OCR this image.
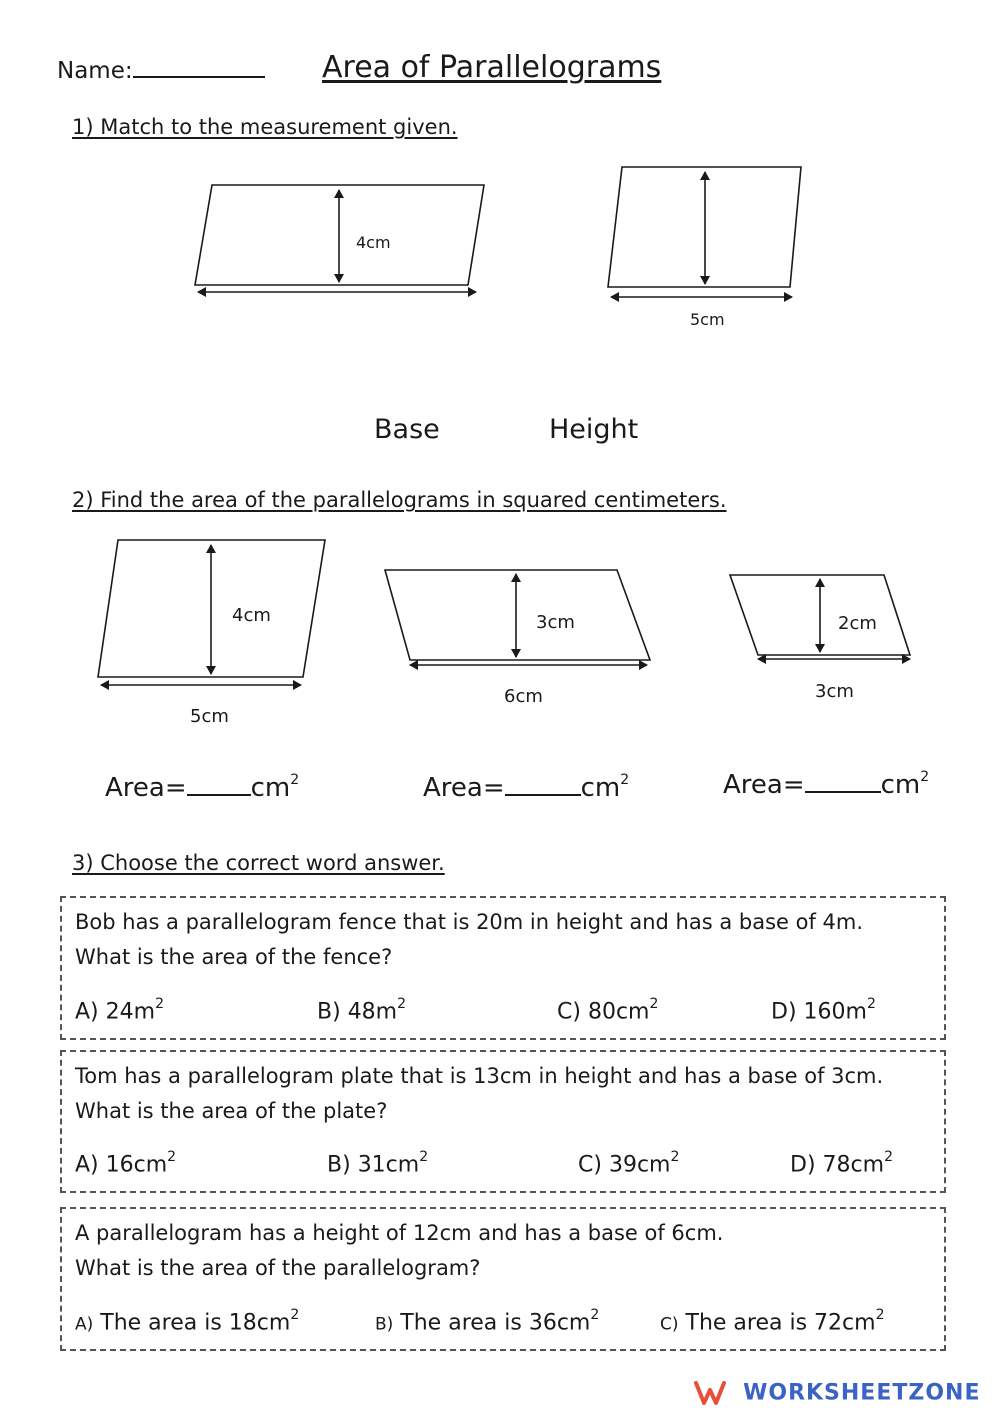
Name:	Area of Parallelograms
1) Match to the measurement given.
4cm
5cm
Base	Height
2) Find the area of the parallelograms in squared centimeters.
4cm
5cm
3cm
6cm
2cm
3cm
Area= $cm^2$	Area=	$cm^2$	Area=	$cm^2$
3) Choose the correct word answer.
Bob has a parallelogram fence that is 20m in height and has a base of 4m.
What is the area of the fence?
A) $24m^2$	B) $48m^2$	C) $80cm^2$	D) $160m^2$
Tom has a parallelogram plate that is 13cm in height and has a base of 3cm.
What is the area of the plate?
A) $16cm^2$	B) $31cm^2$	C) $39cm^2$	D) $78cm^2$
A parallelogram has a height of 12cm and has a base of 6cm.
What is the area of the parallelogram?
A) The area is $18cm^2$	B) The area is $36cm^2$	C) The area is $72cm^2$
WORKSHEETZONE
